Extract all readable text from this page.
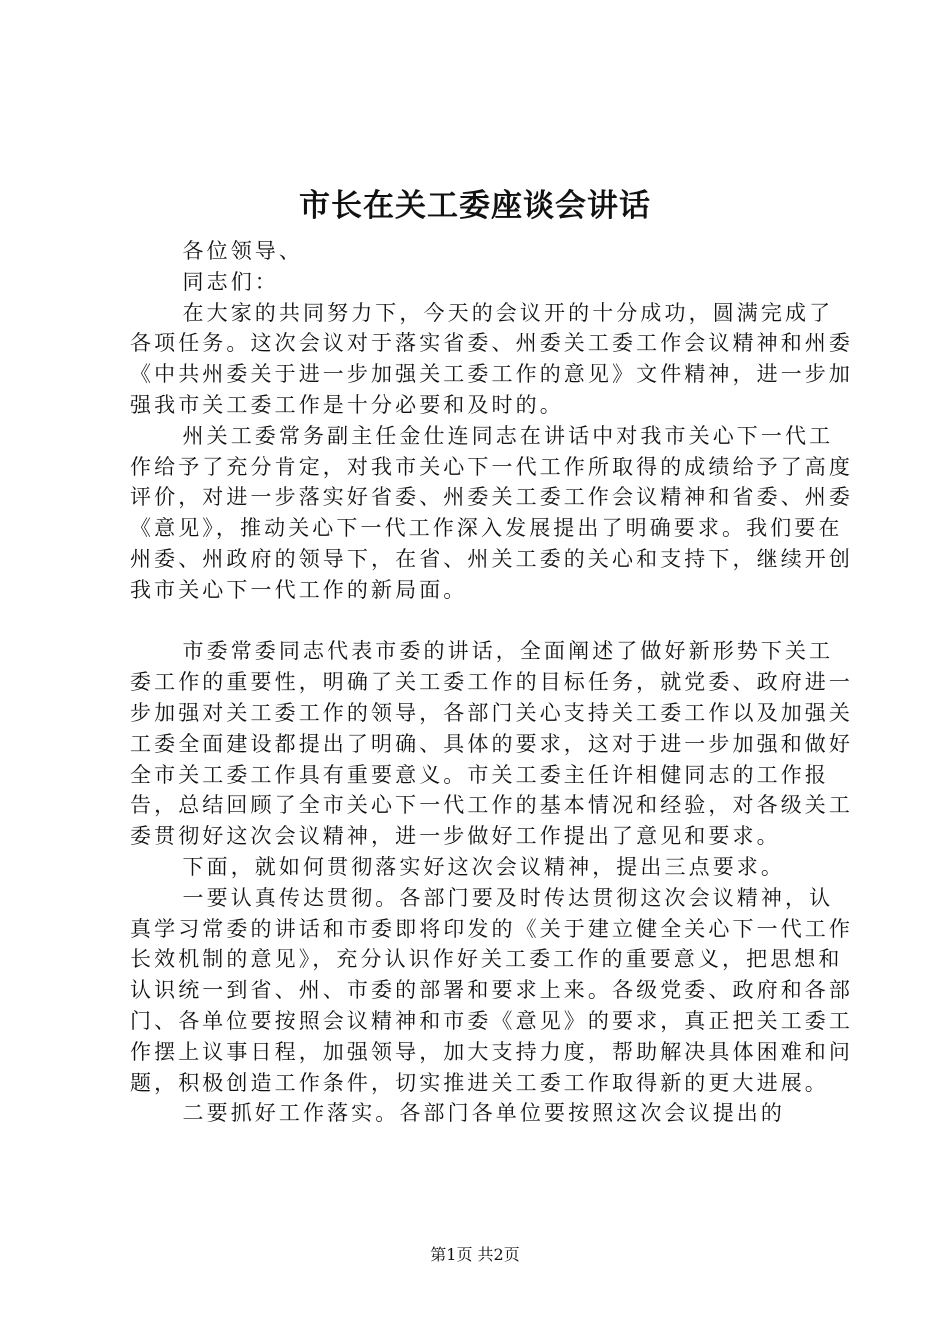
市长在关工委座谈会讲话

各位领导、

同志们：

在大家的共同努力下，今天的会议开的十分成功，圆满完成了各项任务。这次会议对于落实省委、州委关工委工作会议精神和州委《中共州委关于进一步加强关工委工作的意见》文件精神，进一步加强我市关工委工作是十分必要和及时的。

州关工委常务副主任金仕连同志在讲话中对我市关心下一代工作给予了充分肯定，对我市关心下一代工作所取得的成绩给予了高度评价，对进一步落实好省委、州委关工委工作会议精神和省委、州委《意见》，推动关心下一代工作深入发展提出了明确要求。我们要在州委、州政府的领导下，在省、州关工委的关心和支持下，继续开创我市关心下一代工作的新局面。

市委常委同志代表市委的讲话，全面阐述了做好新形势下关工委工作的重要性，明确了关工委工作的目标任务，就党委、政府进一步加强对关工委工作的领导，各部门关心支持关工委工作以及加强关工委全面建设都提出了明确、具体的要求，这对于进一步加强和做好全市关工委工作具有重要意义。市关工委主任许相健同志的工作报告，总结回顾了全市关心下一代工作的基本情况和经验，对各级关工委贯彻好这次会议精神，进一步做好工作提出了意见和要求。

下面，就如何贯彻落实好这次会议精神，提出三点要求。

一要认真传达贯彻。各部门要及时传达贯彻这次会议精神，认真学习常委的讲话和市委即将印发的《关于建立健全关心下一代工作长效机制的意见》，充分认识作好关工委工作的重要意义，把思想和认识统一到省、州、市委的部署和要求上来。各级党委、政府和各部门、各单位要按照会议精神和市委《意见》的要求，真正把关工委工作摆上议事日程，加强领导，加大支持力度，帮助解决具体困难和问题，积极创造工作条件，切实推进关工委工作取得新的更大进展。

二要抓好工作落实。各部门各单位要按照这次会议提出的

第1页 共2页
